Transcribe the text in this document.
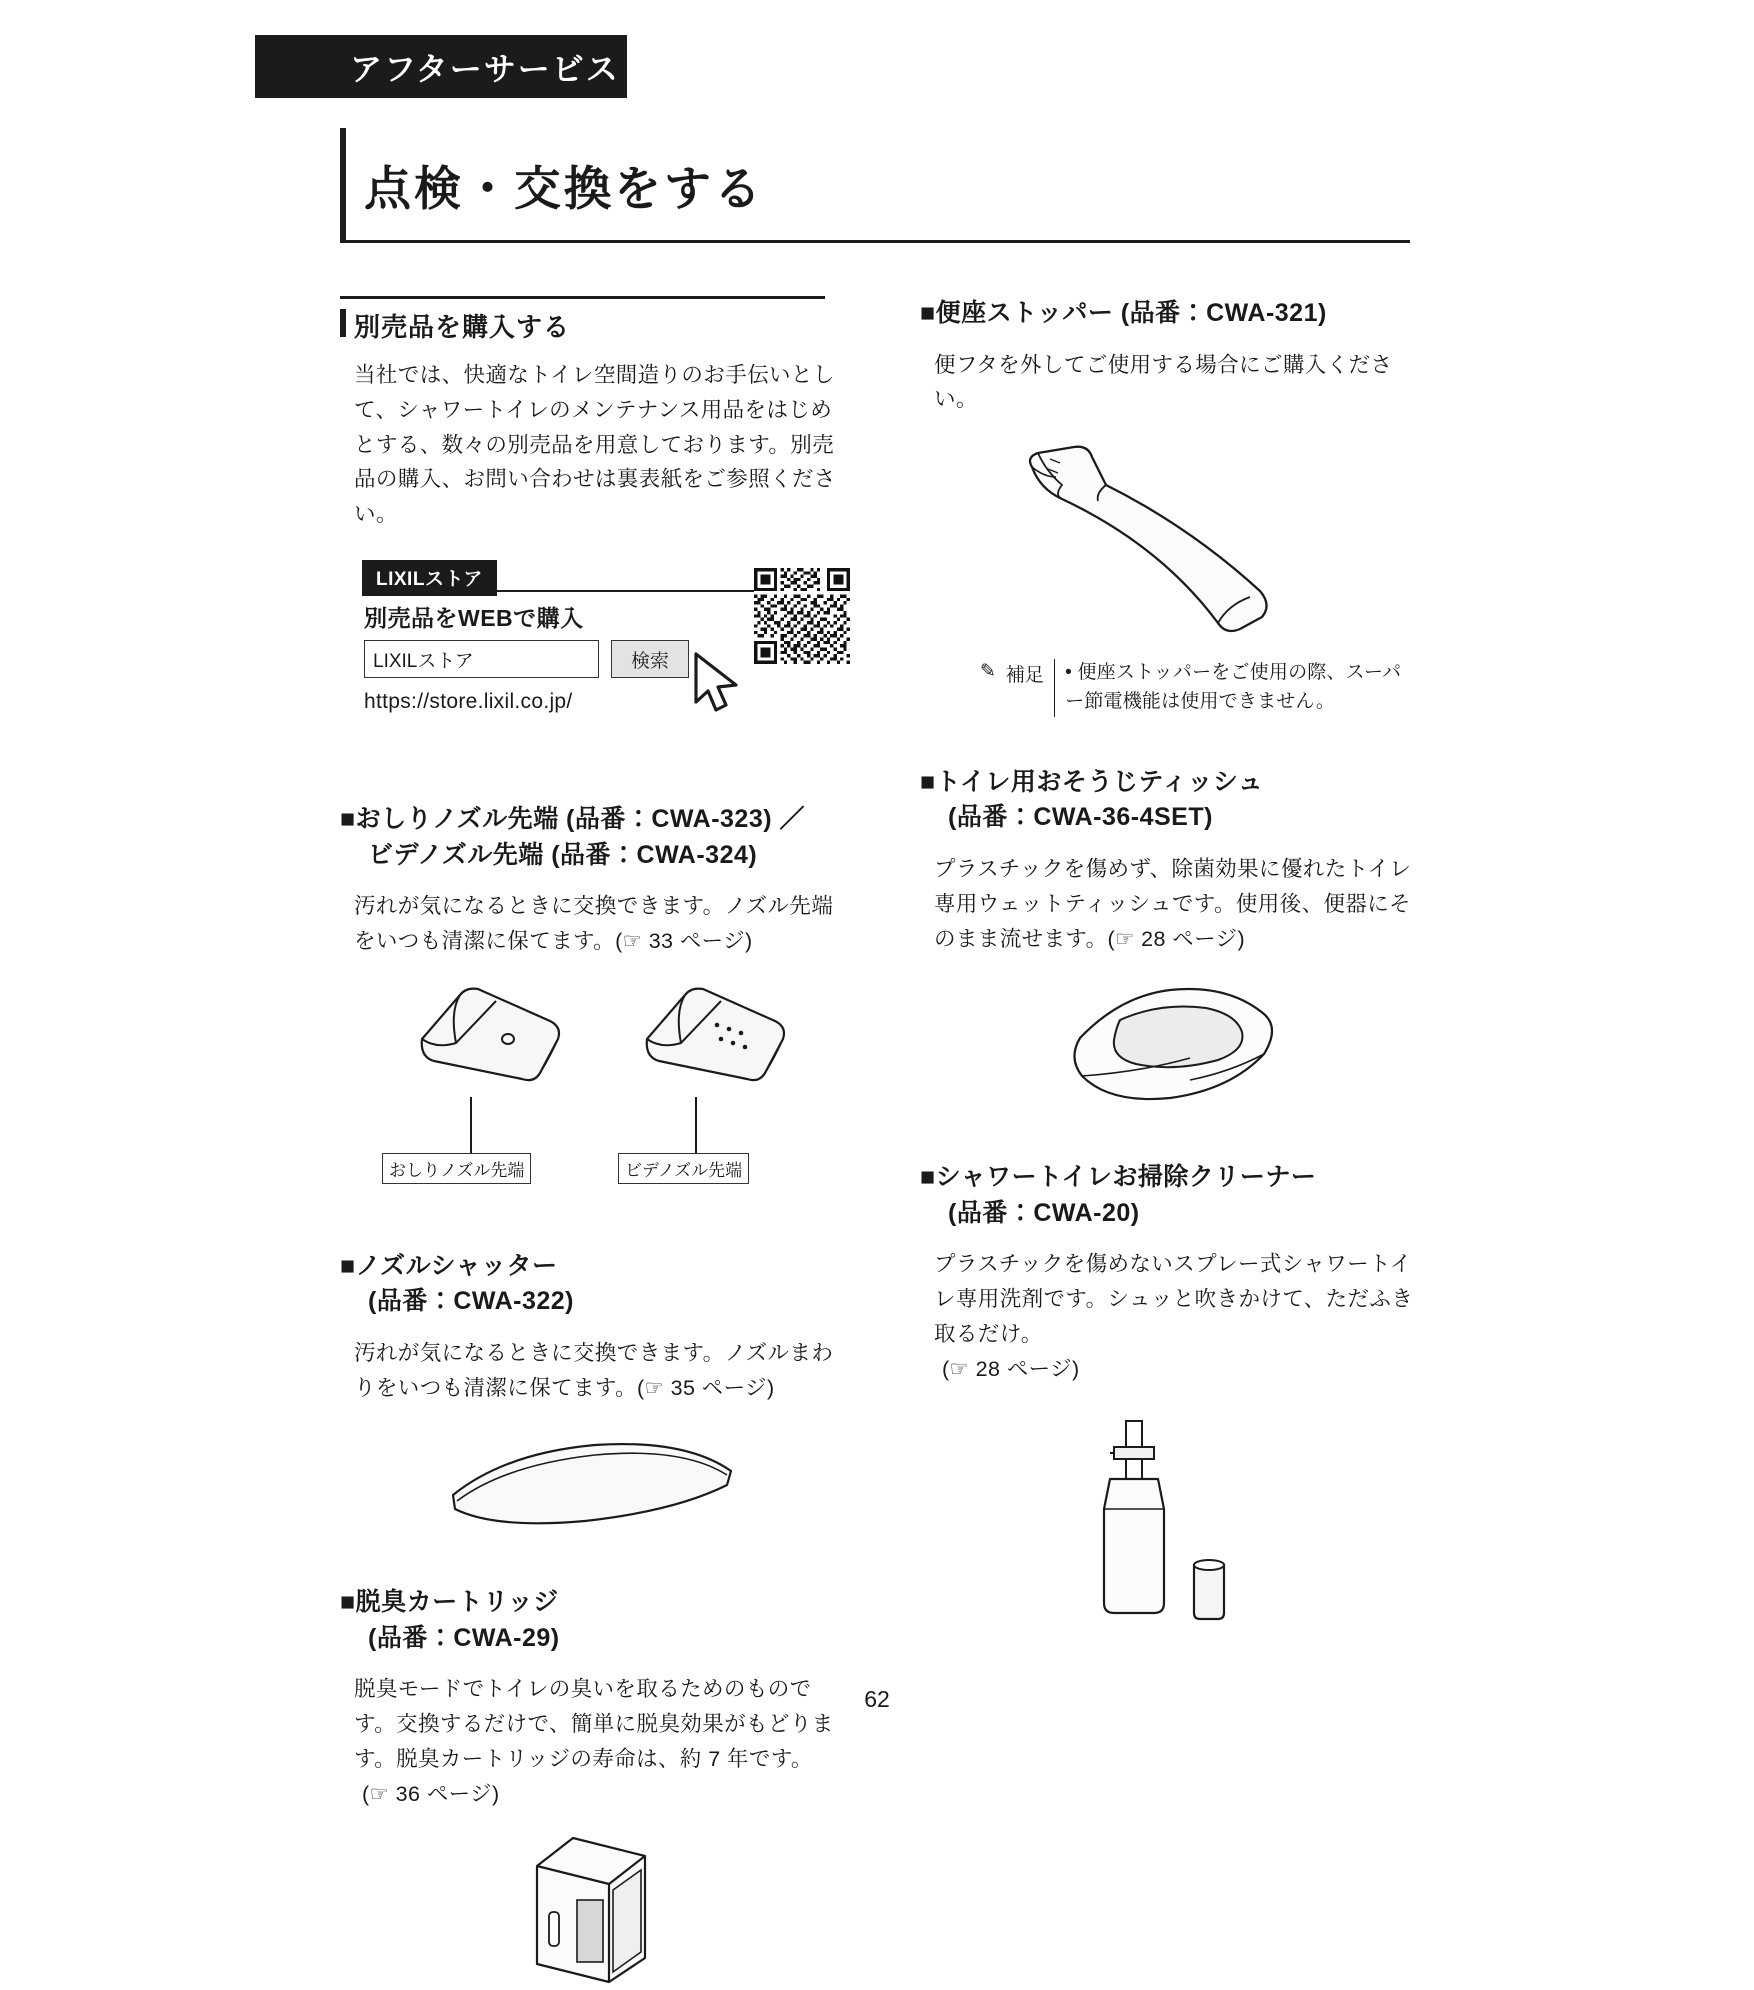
アフターサービス
点検・交換をする
別売品を購入する

当社では、快適なトイレ空間造りのお手伝いとして、シャワートイレのメンテナンス用品をはじめとする、数々の別売品を用意しております。別売品の購入、お問い合わせは裏表紙をご参照ください。

LIXILストア
別売品をWEBで購入
LIXILストア
検索
https://store.lixil.co.jp/
■おしりノズル先端 (品番：CWA-323) ／
ビデノズル先端 (品番：CWA-324)

汚れが気になるときに交換できます。ノズル先端をいつも清潔に保てます。(☞ 33 ページ)

おしりノズル先端	ビデノズル先端
■ノズルシャッター
(品番：CWA-322)

汚れが気になるときに交換できます。ノズルまわりをいつも清潔に保てます。(☞ 35 ページ)

■脱臭カートリッジ
(品番：CWA-29)

脱臭モードでトイレの臭いを取るためのものです。交換するだけで、簡単に脱臭効果がもどります。脱臭カートリッジの寿命は、約 7 年です。

(☞ 36 ページ)

■便座ストッパー (品番：CWA-321)

便フタを外してご使用する場合にご購入ください。

✎ 補足	• 便座ストッパーをご使用の際、スーパー節電機能は使用できません。
■トイレ用おそうじティッシュ
(品番：CWA-36-4SET)

プラスチックを傷めず、除菌効果に優れたトイレ専用ウェットティッシュです。使用後、便器にそのまま流せます。(☞ 28 ページ)

■シャワートイレお掃除クリーナー
(品番：CWA-20)

プラスチックを傷めないスプレー式シャワートイレ専用洗剤です。シュッと吹きかけて、ただふき取るだけ。

(☞ 28 ページ)

62
